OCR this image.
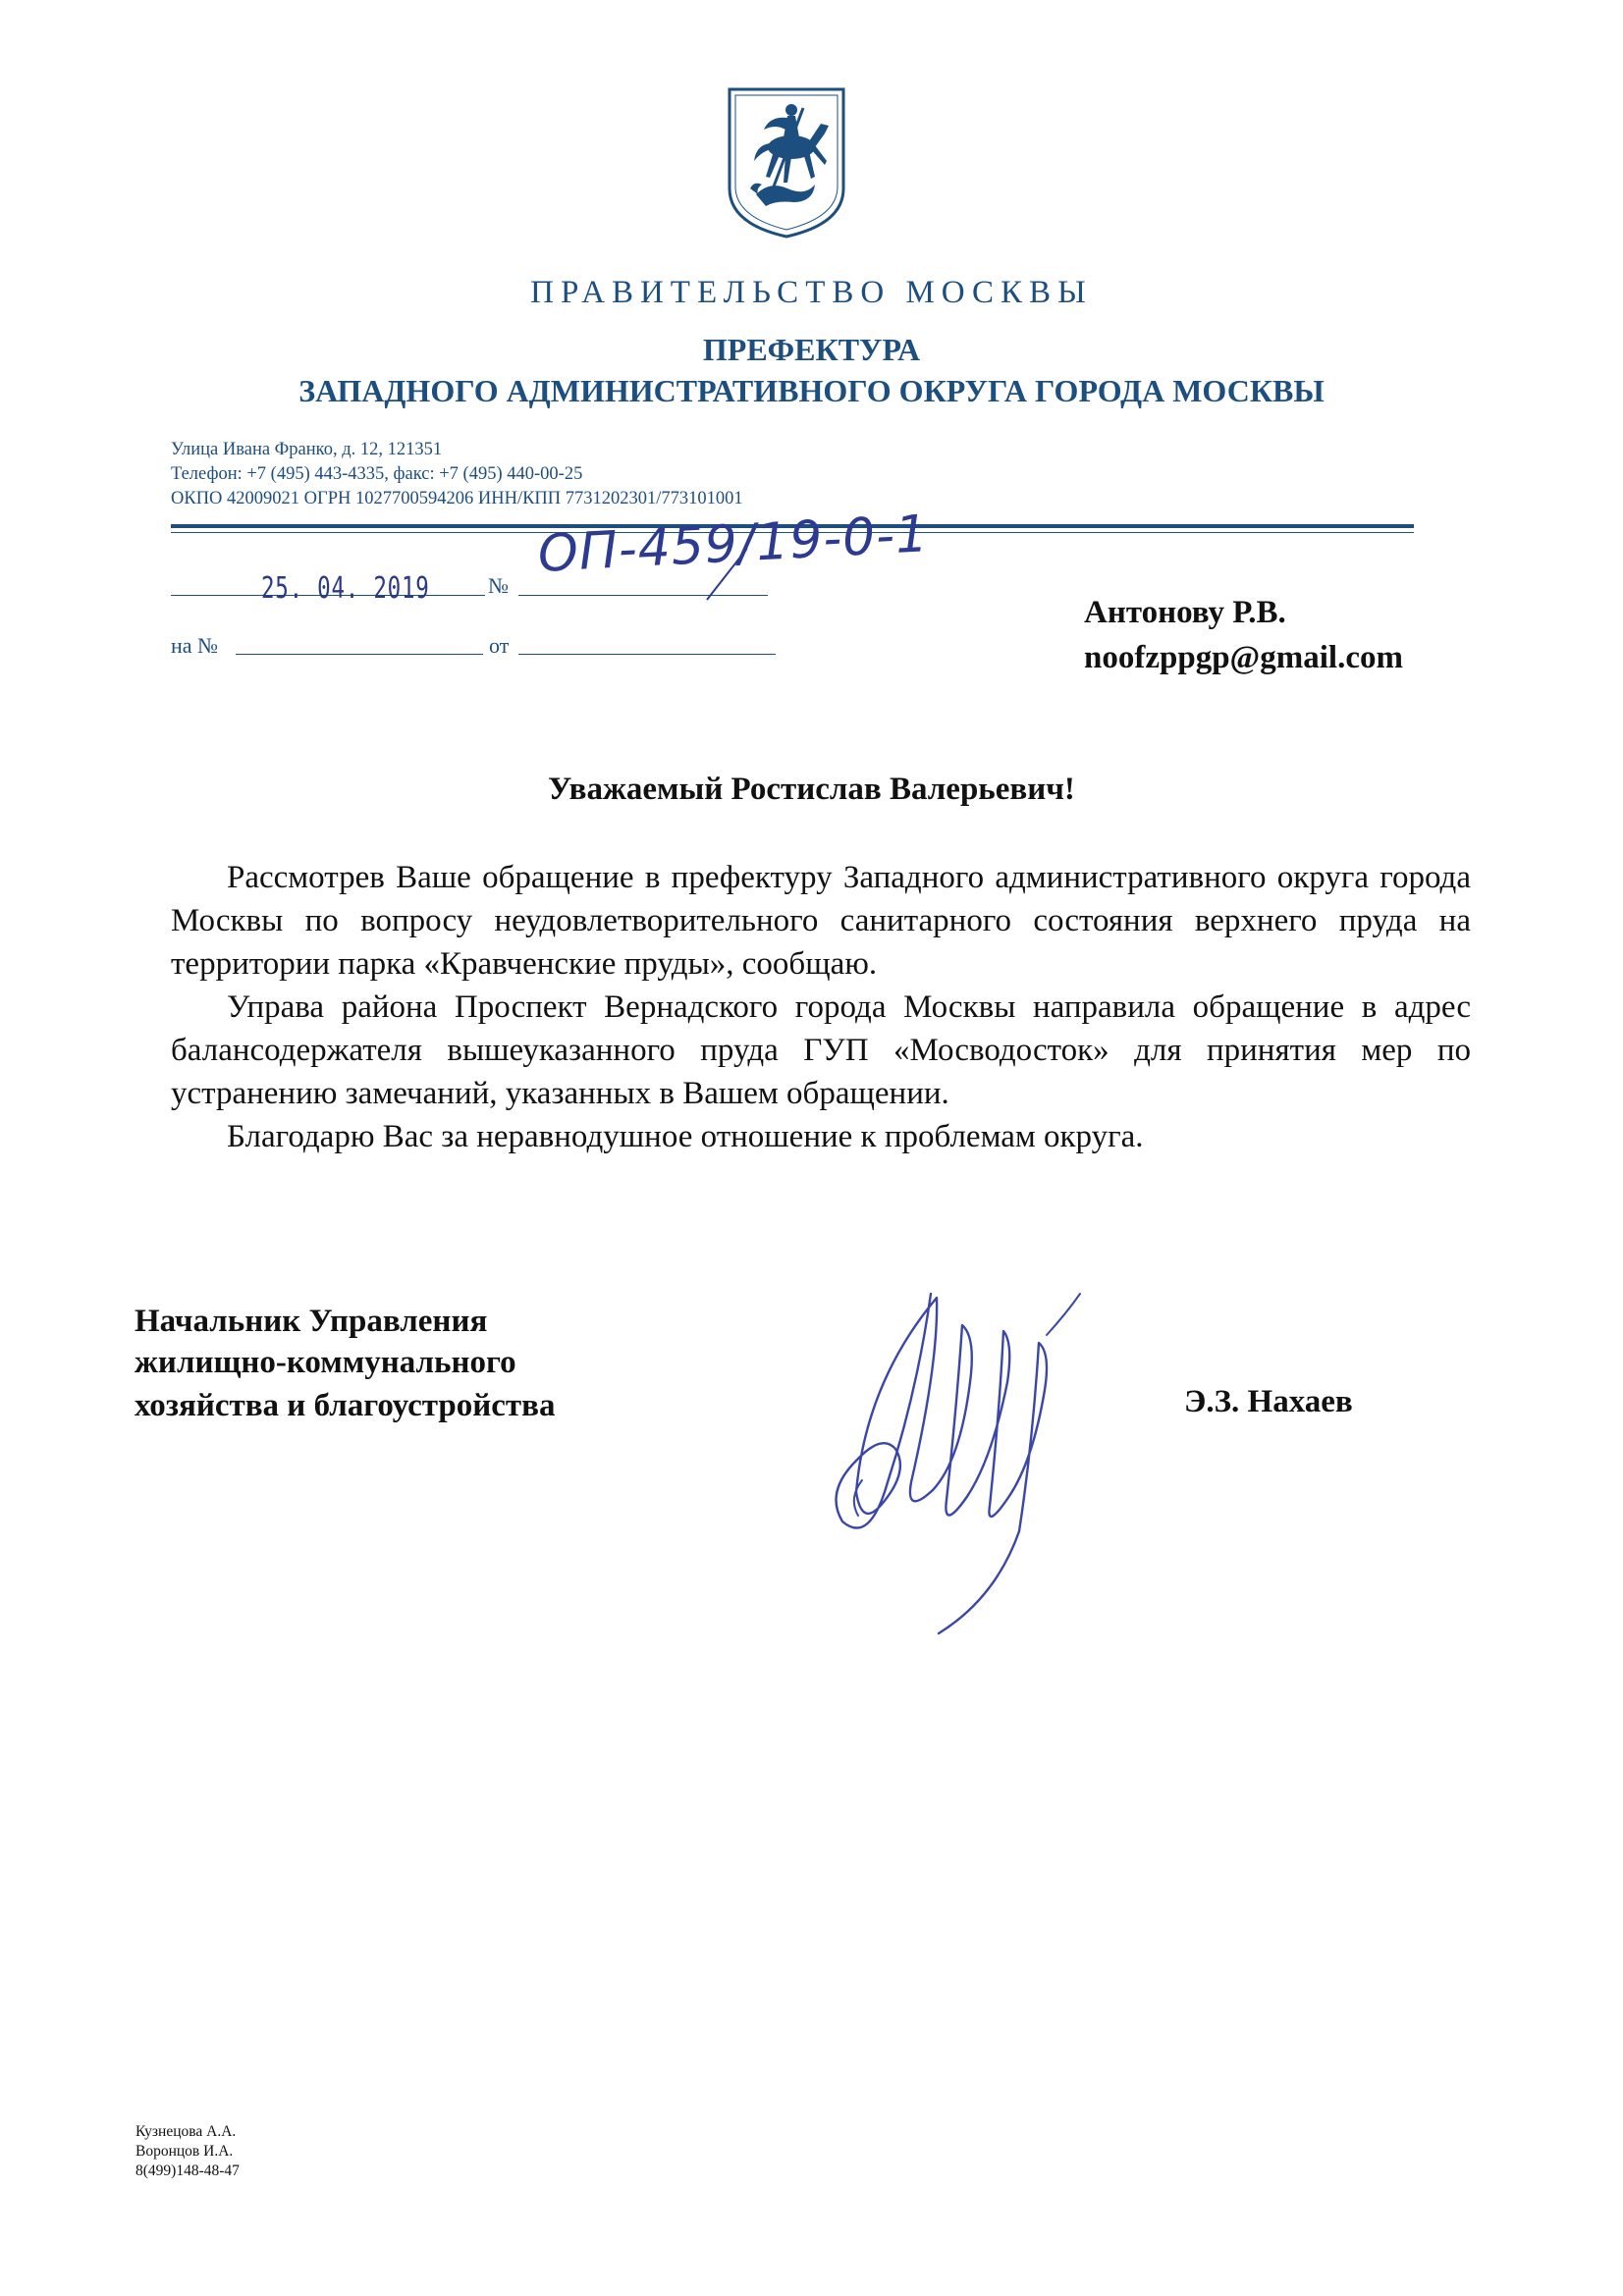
ПРАВИТЕЛЬСТВО МОСКВЫ
ПРЕФЕКТУРА
ЗАПАДНОГО АДМИНИСТРАТИВНОГО ОКРУГА ГОРОДА МОСКВЫ
Улица Ивана Франко, д. 12, 121351
Телефон: +7 (495) 443-4335, факс: +7 (495) 440-00-25
ОКПО 42009021 ОГРН 1027700594206 ИНН/КПП 7731202301/773101001
25. 04. 2019	№
ОП-459/19-0-1
на №	от
Антонову Р.В.
noofzppgp@gmail.com
Уважаемый Ростислав Валерьевич!

Рассмотрев Ваше обращение в префектуру Западного административного округа города Москвы по вопросу неудовлетворительного санитарного состояния верхнего пруда на территории парка «Кравченские пруды», сообщаю.

Управа района Проспект Вернадского города Москвы направила обращение в адрес балансодержателя вышеуказанного пруда ГУП «Мосводосток» для принятия мер по устранению замечаний, указанных в Вашем обращении.

Благодарю Вас за неравнодушное отношение к проблемам округа.

Начальник Управления
жилищно-коммунального
хозяйства и благоустройства	Э.З. Нахаев
Кузнецова А.А.
Воронцов И.А.
8(499)148-48-47
